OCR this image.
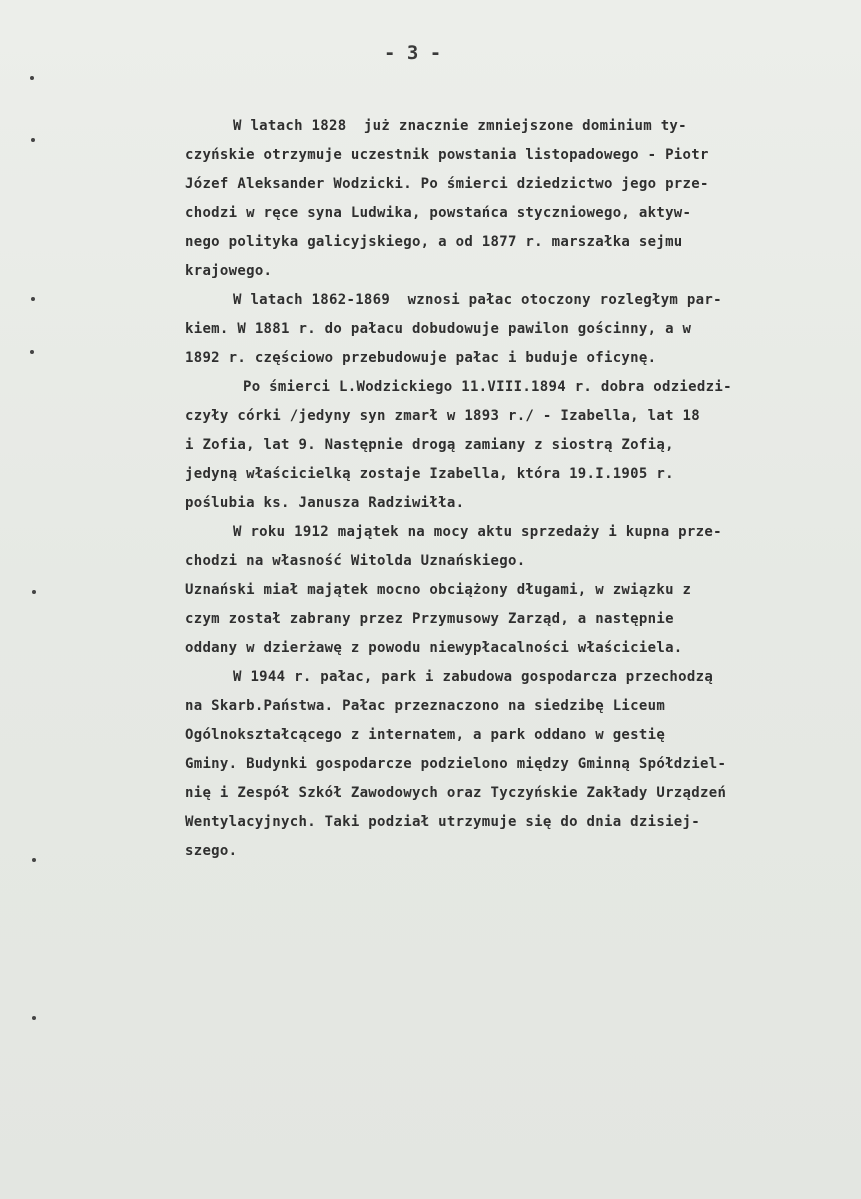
- 3 -
W latach 1828  już znacznie zmniejszone dominium ty-
czyńskie otrzymuje uczestnik powstania listopadowego - Piotr
Józef Aleksander Wodzicki. Po śmierci dziedzictwo jego prze-
chodzi w ręce syna Ludwika, powstańca styczniowego, aktyw-
nego polityka galicyjskiego, a od 1877 r. marszałka sejmu
krajowego.
W latach 1862-1869  wznosi pałac otoczony rozległym par-
kiem. W 1881 r. do pałacu dobudowuje pawilon gościnny, a w
1892 r. częściowo przebudowuje pałac i buduje oficynę.
Po śmierci L.Wodzickiego 11.VIII.1894 r. dobra odziedzi-
czyły córki /jedyny syn zmarł w 1893 r./ - Izabella, lat 18
i Zofia, lat 9. Następnie drogą zamiany z siostrą Zofią,
jedyną właścicielką zostaje Izabella, która 19.I.1905 r.
poślubia ks. Janusza Radziwiłła.
W roku 1912 majątek na mocy aktu sprzedaży i kupna prze-
chodzi na własność Witolda Uznańskiego.
Uznański miał majątek mocno obciążony długami, w związku z
czym został zabrany przez Przymusowy Zarząd, a następnie
oddany w dzierżawę z powodu niewypłacalności właściciela.
W 1944 r. pałac, park i zabudowa gospodarcza przechodzą
na Skarb.Państwa. Pałac przeznaczono na siedzibę Liceum
Ogólnokształcącego z internatem, a park oddano w gestię
Gminy. Budynki gospodarcze podzielono między Gminną Spółdziel-
nię i Zespół Szkół Zawodowych oraz Tyczyńskie Zakłady Urządzeń
Wentylacyjnych. Taki podział utrzymuje się do dnia dzisiej-
szego.
